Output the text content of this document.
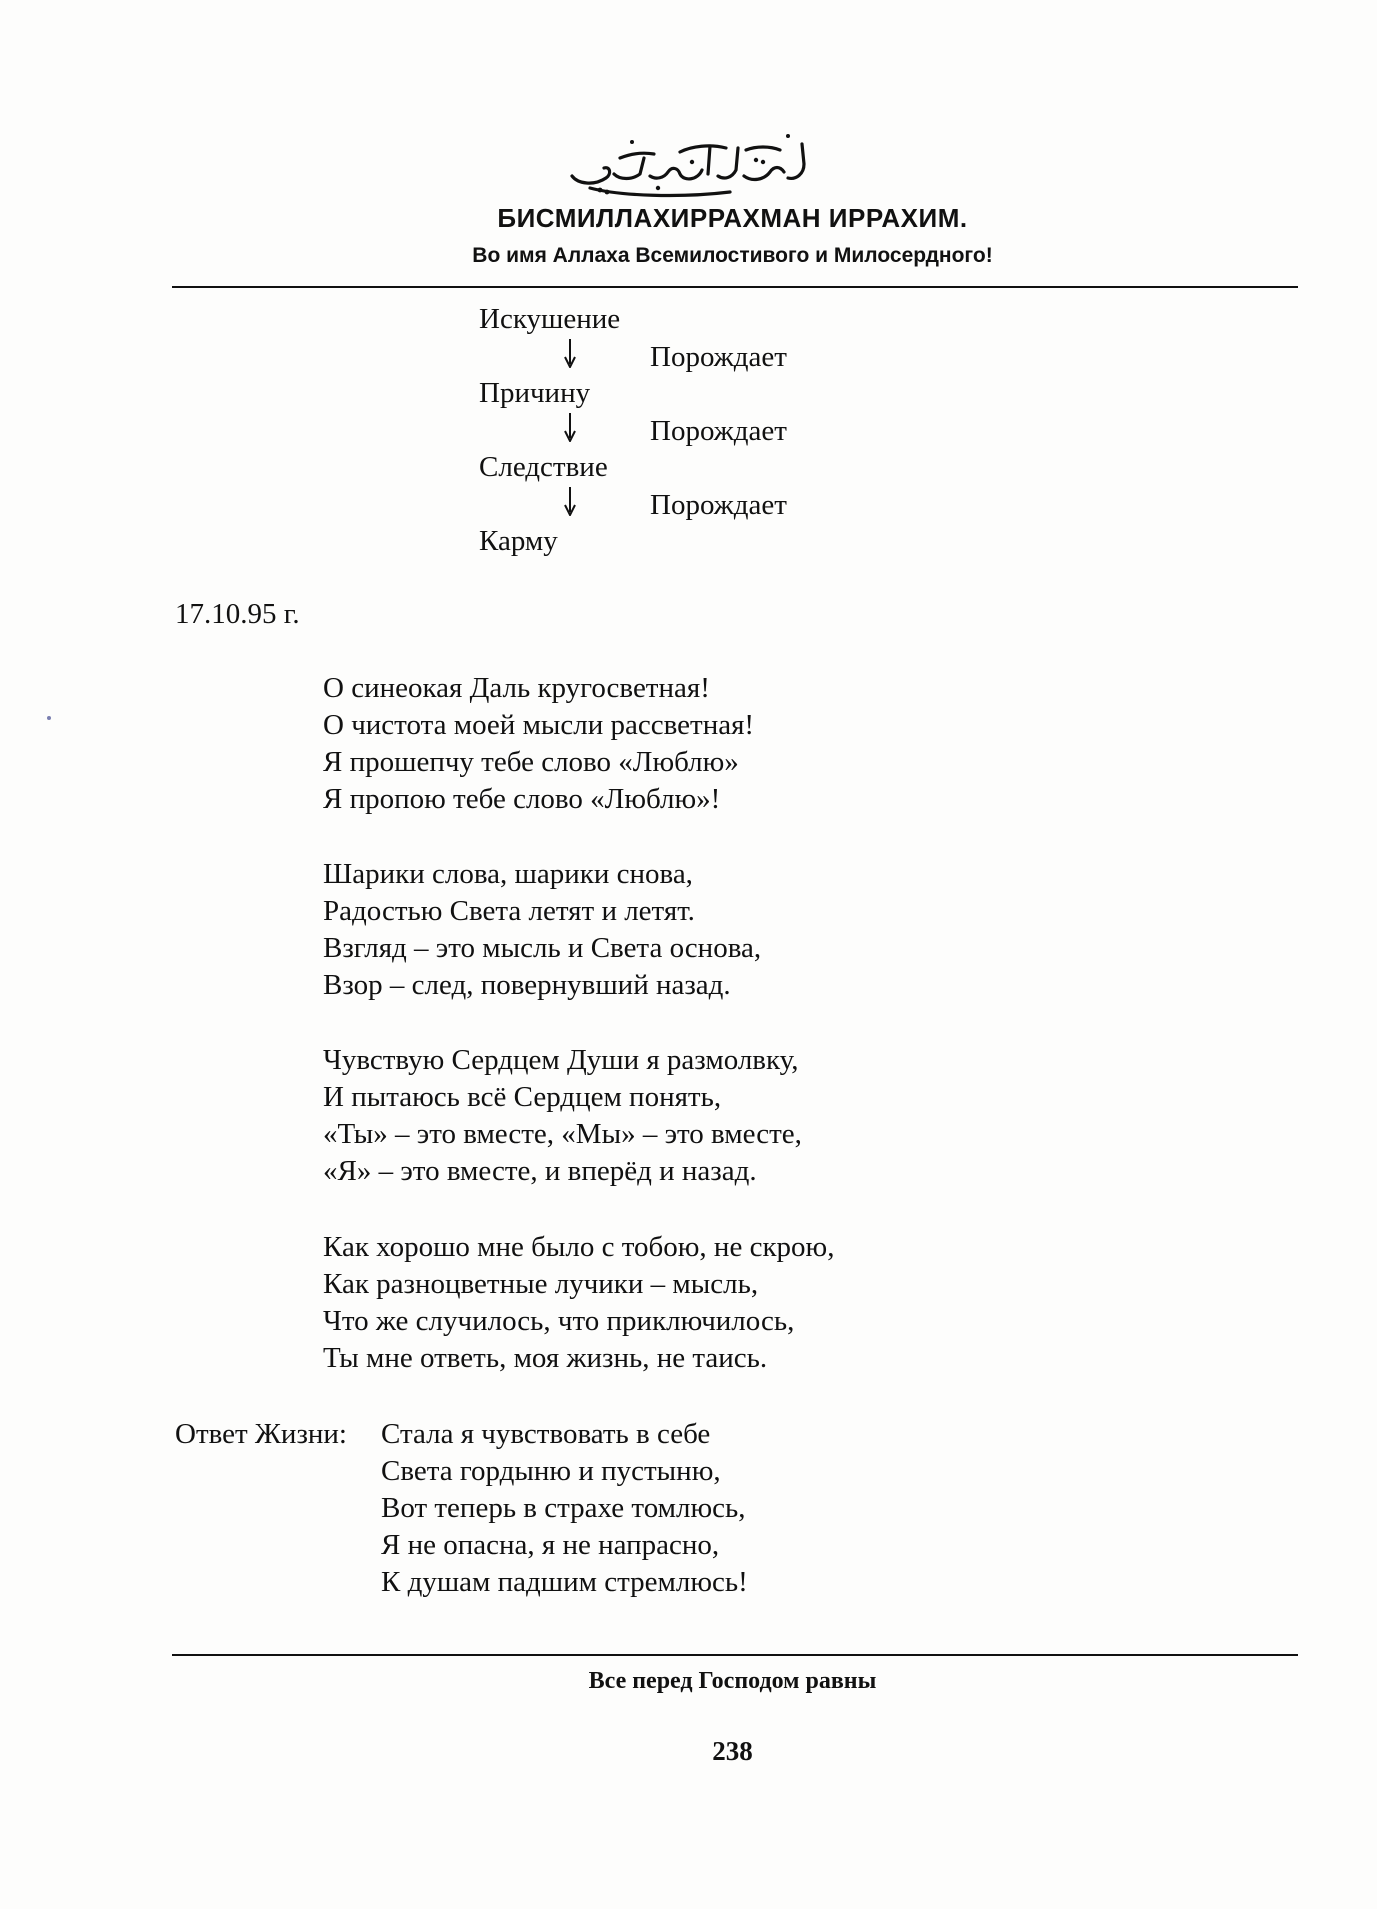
БИСМИЛЛАХИРРАХМАН ИРРАХИМ.
Во имя Аллаха Всемилостивого и Милосердного!
Искушение
Порождает
Причину
Порождает
Следствие
Порождает
Карму
17.10.95 г.
О синеокая Даль кругосветная!
О чистота моей мысли рассветная!
Я прошепчу тебе слово «Люблю»
Я пропою тебе слово «Люблю»!
Шарики слова, шарики снова,
Радостью Света летят и летят.
Взгляд – это мысль и Света основа,
Взор – след, повернувший назад.
Чувствую Сердцем Души я размолвку,
И пытаюсь всё Сердцем понять,
«Ты» – это вместе, «Мы» – это вместе,
«Я» – это вместе, и вперёд и назад.
Как хорошо мне было с тобою, не скрою,
Как разноцветные лучики – мысль,
Что же случилось, что приключилось,
Ты мне ответь, моя жизнь, не таись.
Ответ Жизни: Стала я чувствовать в себе
Света гордыню и пустыню,
Вот теперь в страхе томлюсь,
Я не опасна, я не напрасно,
К душам падшим стремлюсь!
Все перед Господом равны
238
